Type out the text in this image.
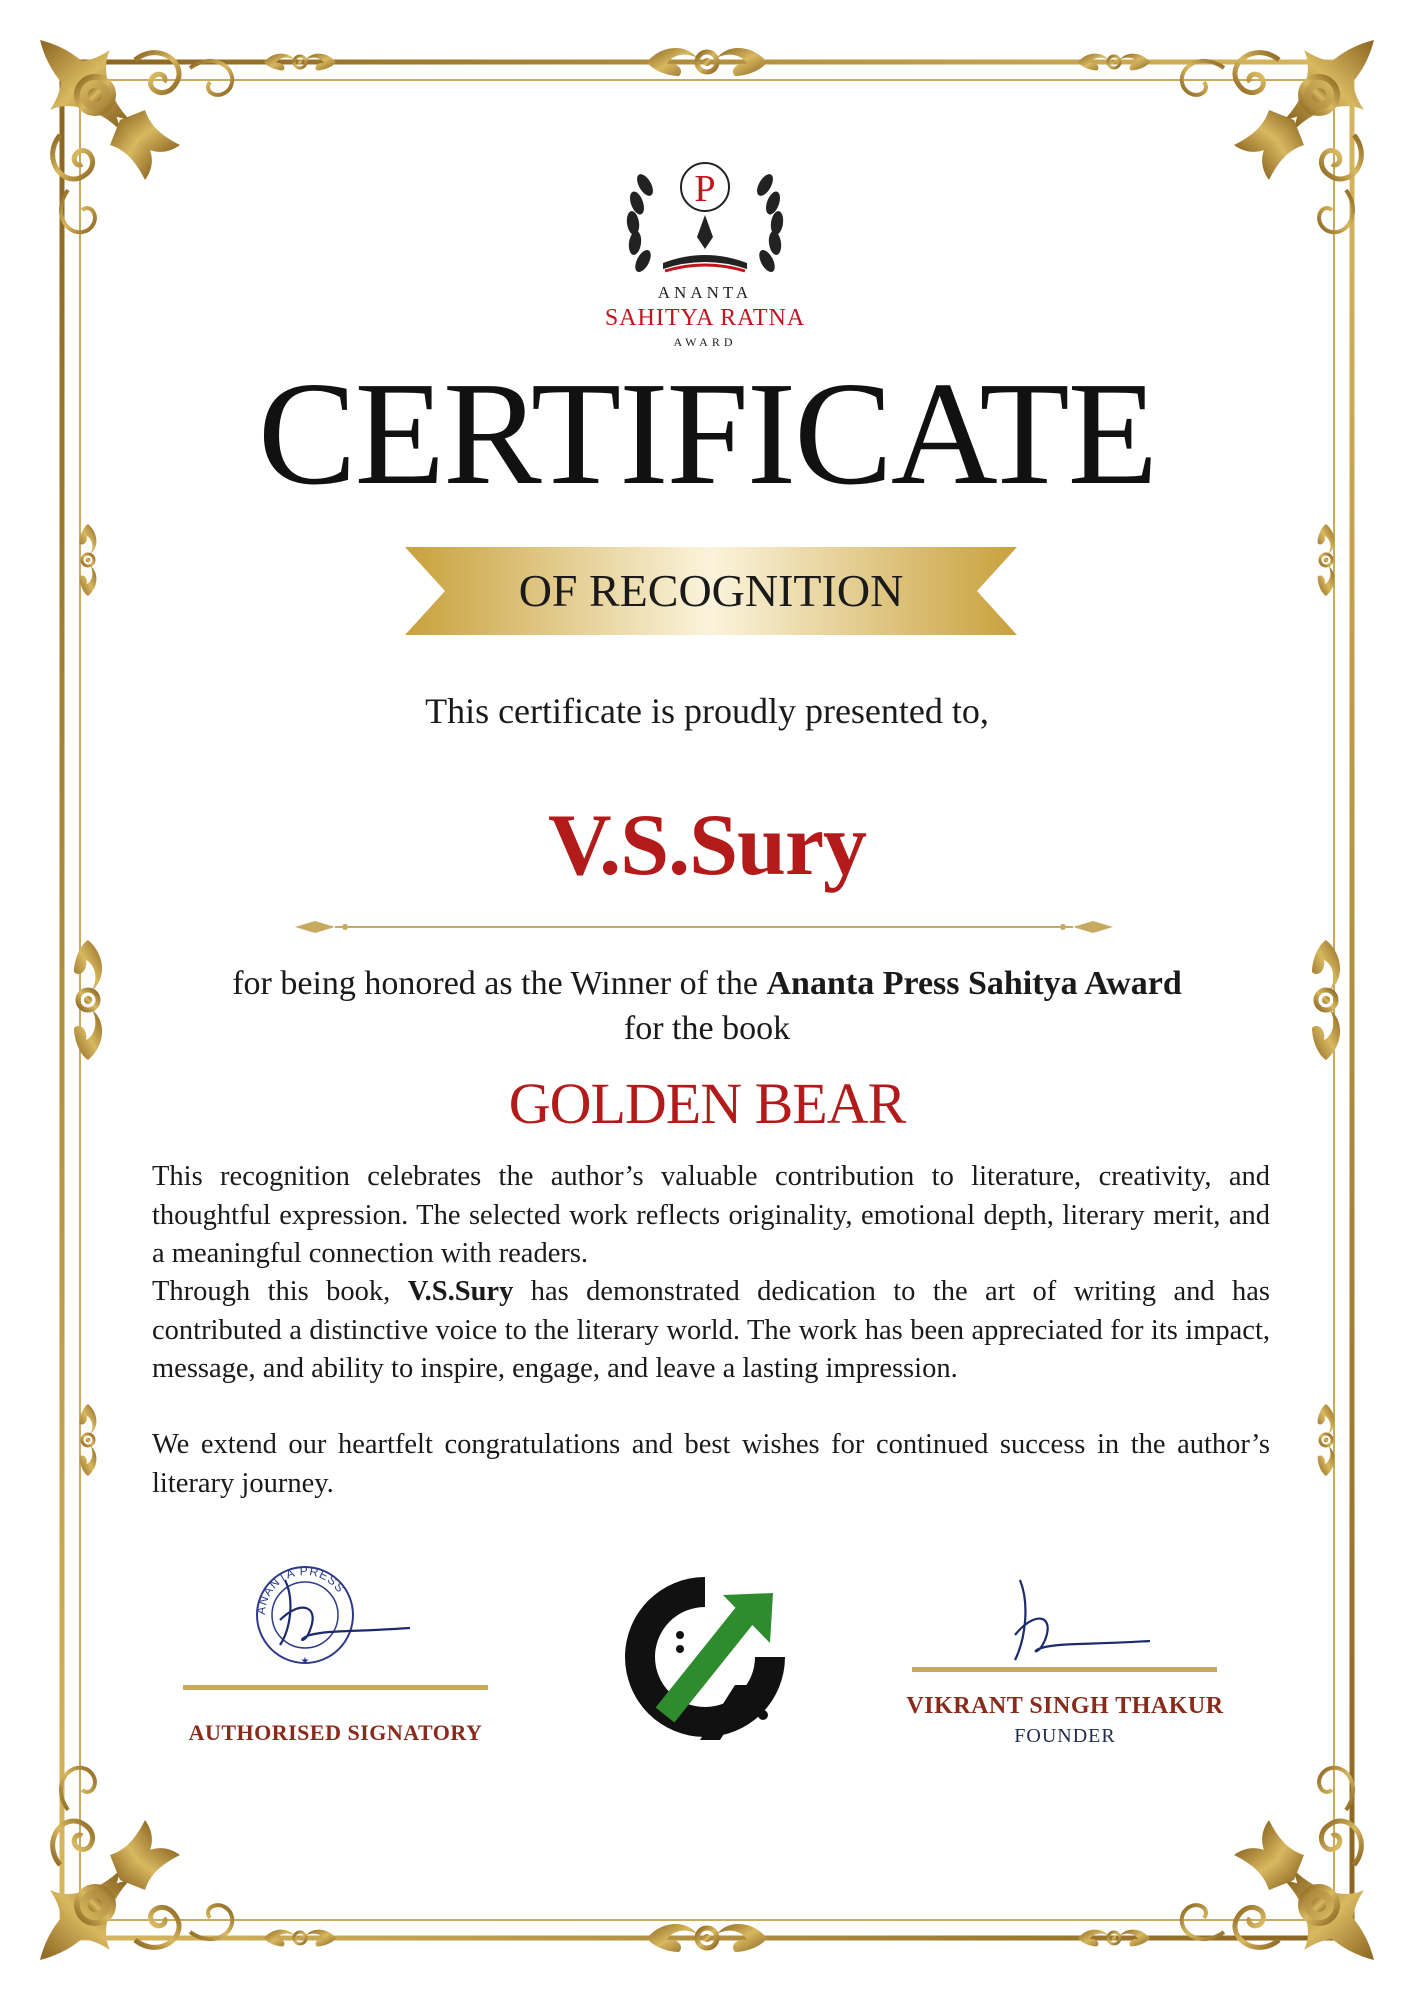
P
ANANTA
SAHITYA RATNA
AWARD
CERTIFICATE
OF RECOGNITION
This certificate is proudly presented to,
V.S.Sury
for being honored as the Winner of the Ananta Press Sahitya Award
for the book
GOLDEN BEAR
This recognition celebrates the author’s valuable contribution to literature, creativity, and thoughtful expression. The selected work reflects originality, emotional depth, literary merit, and a meaningful connection with readers.
Through this book, V.S.Sury has demonstrated dedication to the art of writing and has contributed a distinctive voice to the literary world. The work has been appreciated for its impact, message, and ability to inspire, engage, and leave a lasting impression.
We extend our heartfelt congratulations and best wishes for continued success in the author’s literary journey.
ANANTA PRESS
★
AUTHORISED SIGNATORY
VIKRANT SINGH THAKUR
FOUNDER
